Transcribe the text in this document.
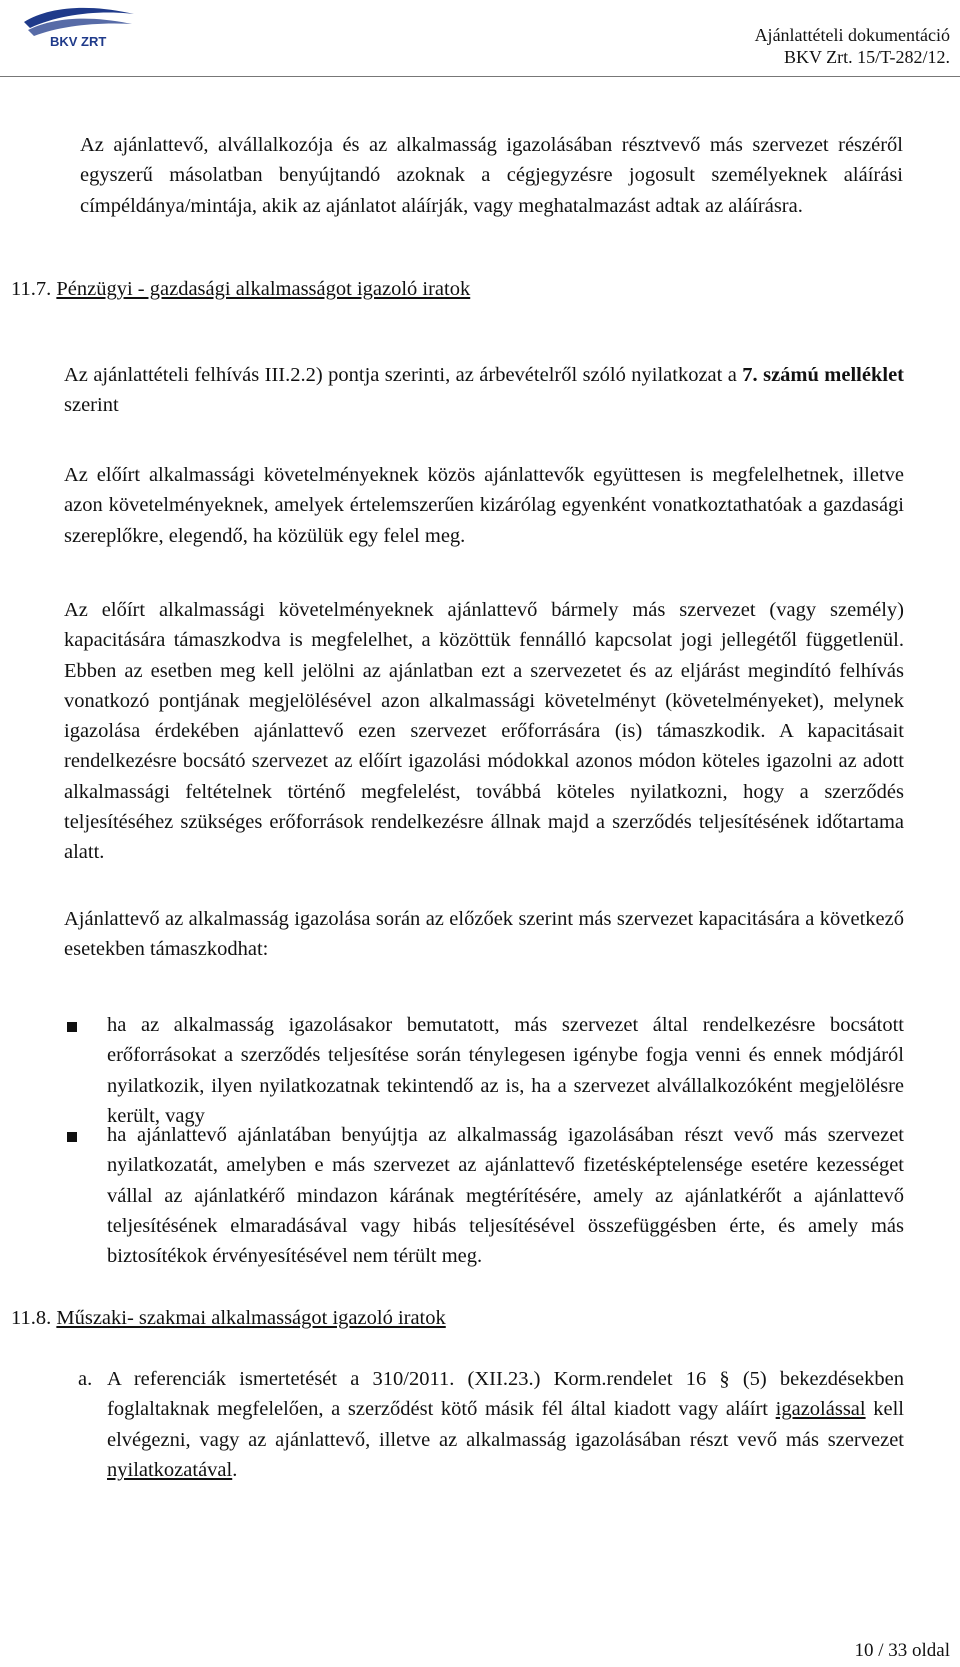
BKV ZRT	Ajánlattételi dokumentáció
BKV Zrt. 15/T-282/12.
Az ajánlattevő, alvállalkozója és az alkalmasság igazolásában résztvevő más szervezet részéről egyszerű másolatban benyújtandó azoknak a cégjegyzésre jogosult személyeknek aláírási címpéldánya/mintája, akik az ajánlatot aláírják, vagy meghatalmazást adtak az aláírásra.
11.7. Pénzügyi - gazdasági alkalmasságot igazoló iratok
Az ajánlattételi felhívás III.2.2) pontja szerinti, az árbevételről szóló nyilatkozat a 7. számú melléklet szerint
Az előírt alkalmassági követelményeknek közös ajánlattevők együttesen is megfelelhetnek, illetve azon követelményeknek, amelyek értelemszerűen kizárólag egyenként vonatkoztathatóak a gazdasági szereplőkre, elegendő, ha közülük egy felel meg.
Az előírt alkalmassági követelményeknek ajánlattevő bármely más szervezet (vagy személy) kapacitására támaszkodva is megfelelhet, a közöttük fennálló kapcsolat jogi jellegétől függetlenül. Ebben az esetben meg kell jelölni az ajánlatban ezt a szervezetet és az eljárást megindító felhívás vonatkozó pontjának megjelölésével azon alkalmassági követelményt (követelményeket), melynek igazolása érdekében ajánlattevő ezen szervezet erőforrására (is) támaszkodik. A kapacitásait rendelkezésre bocsátó szervezet az előírt igazolási módokkal azonos módon köteles igazolni az adott alkalmassági feltételnek történő megfelelést, továbbá köteles nyilatkozni, hogy a szerződés teljesítéséhez szükséges erőforrások rendelkezésre állnak majd a szerződés teljesítésének időtartama alatt.
Ajánlattevő az alkalmasság igazolása során az előzőek szerint más szervezet kapacitására a következő esetekben támaszkodhat:
ha az alkalmasság igazolásakor bemutatott, más szervezet által rendelkezésre bocsátott erőforrásokat a szerződés teljesítése során ténylegesen igénybe fogja venni és ennek módjáról nyilatkozik, ilyen nyilatkozatnak tekintendő az is, ha a szervezet alvállalkozóként megjelölésre került, vagy
ha ajánlattevő ajánlatában benyújtja az alkalmasság igazolásában részt vevő más szervezet nyilatkozatát, amelyben e más szervezet az ajánlattevő fizetésképtelensége esetére kezességet vállal az ajánlatkérő mindazon kárának megtérítésére, amely az ajánlatkérőt a ajánlattevő teljesítésének elmaradásával vagy hibás teljesítésével összefüggésben érte, és amely más biztosítékok érvényesítésével nem térült meg.
11.8. Műszaki- szakmai alkalmasságot igazoló iratok
a. A referenciák ismertetését a 310/2011. (XII.23.) Korm.rendelet 16 § (5) bekezdésekben foglaltaknak megfelelően, a szerződést kötő másik fél által kiadott vagy aláírt igazolással kell elvégezni, vagy az ajánlattevő, illetve az alkalmasság igazolásában részt vevő más szervezet nyilatkozatával.
10 / 33 oldal
